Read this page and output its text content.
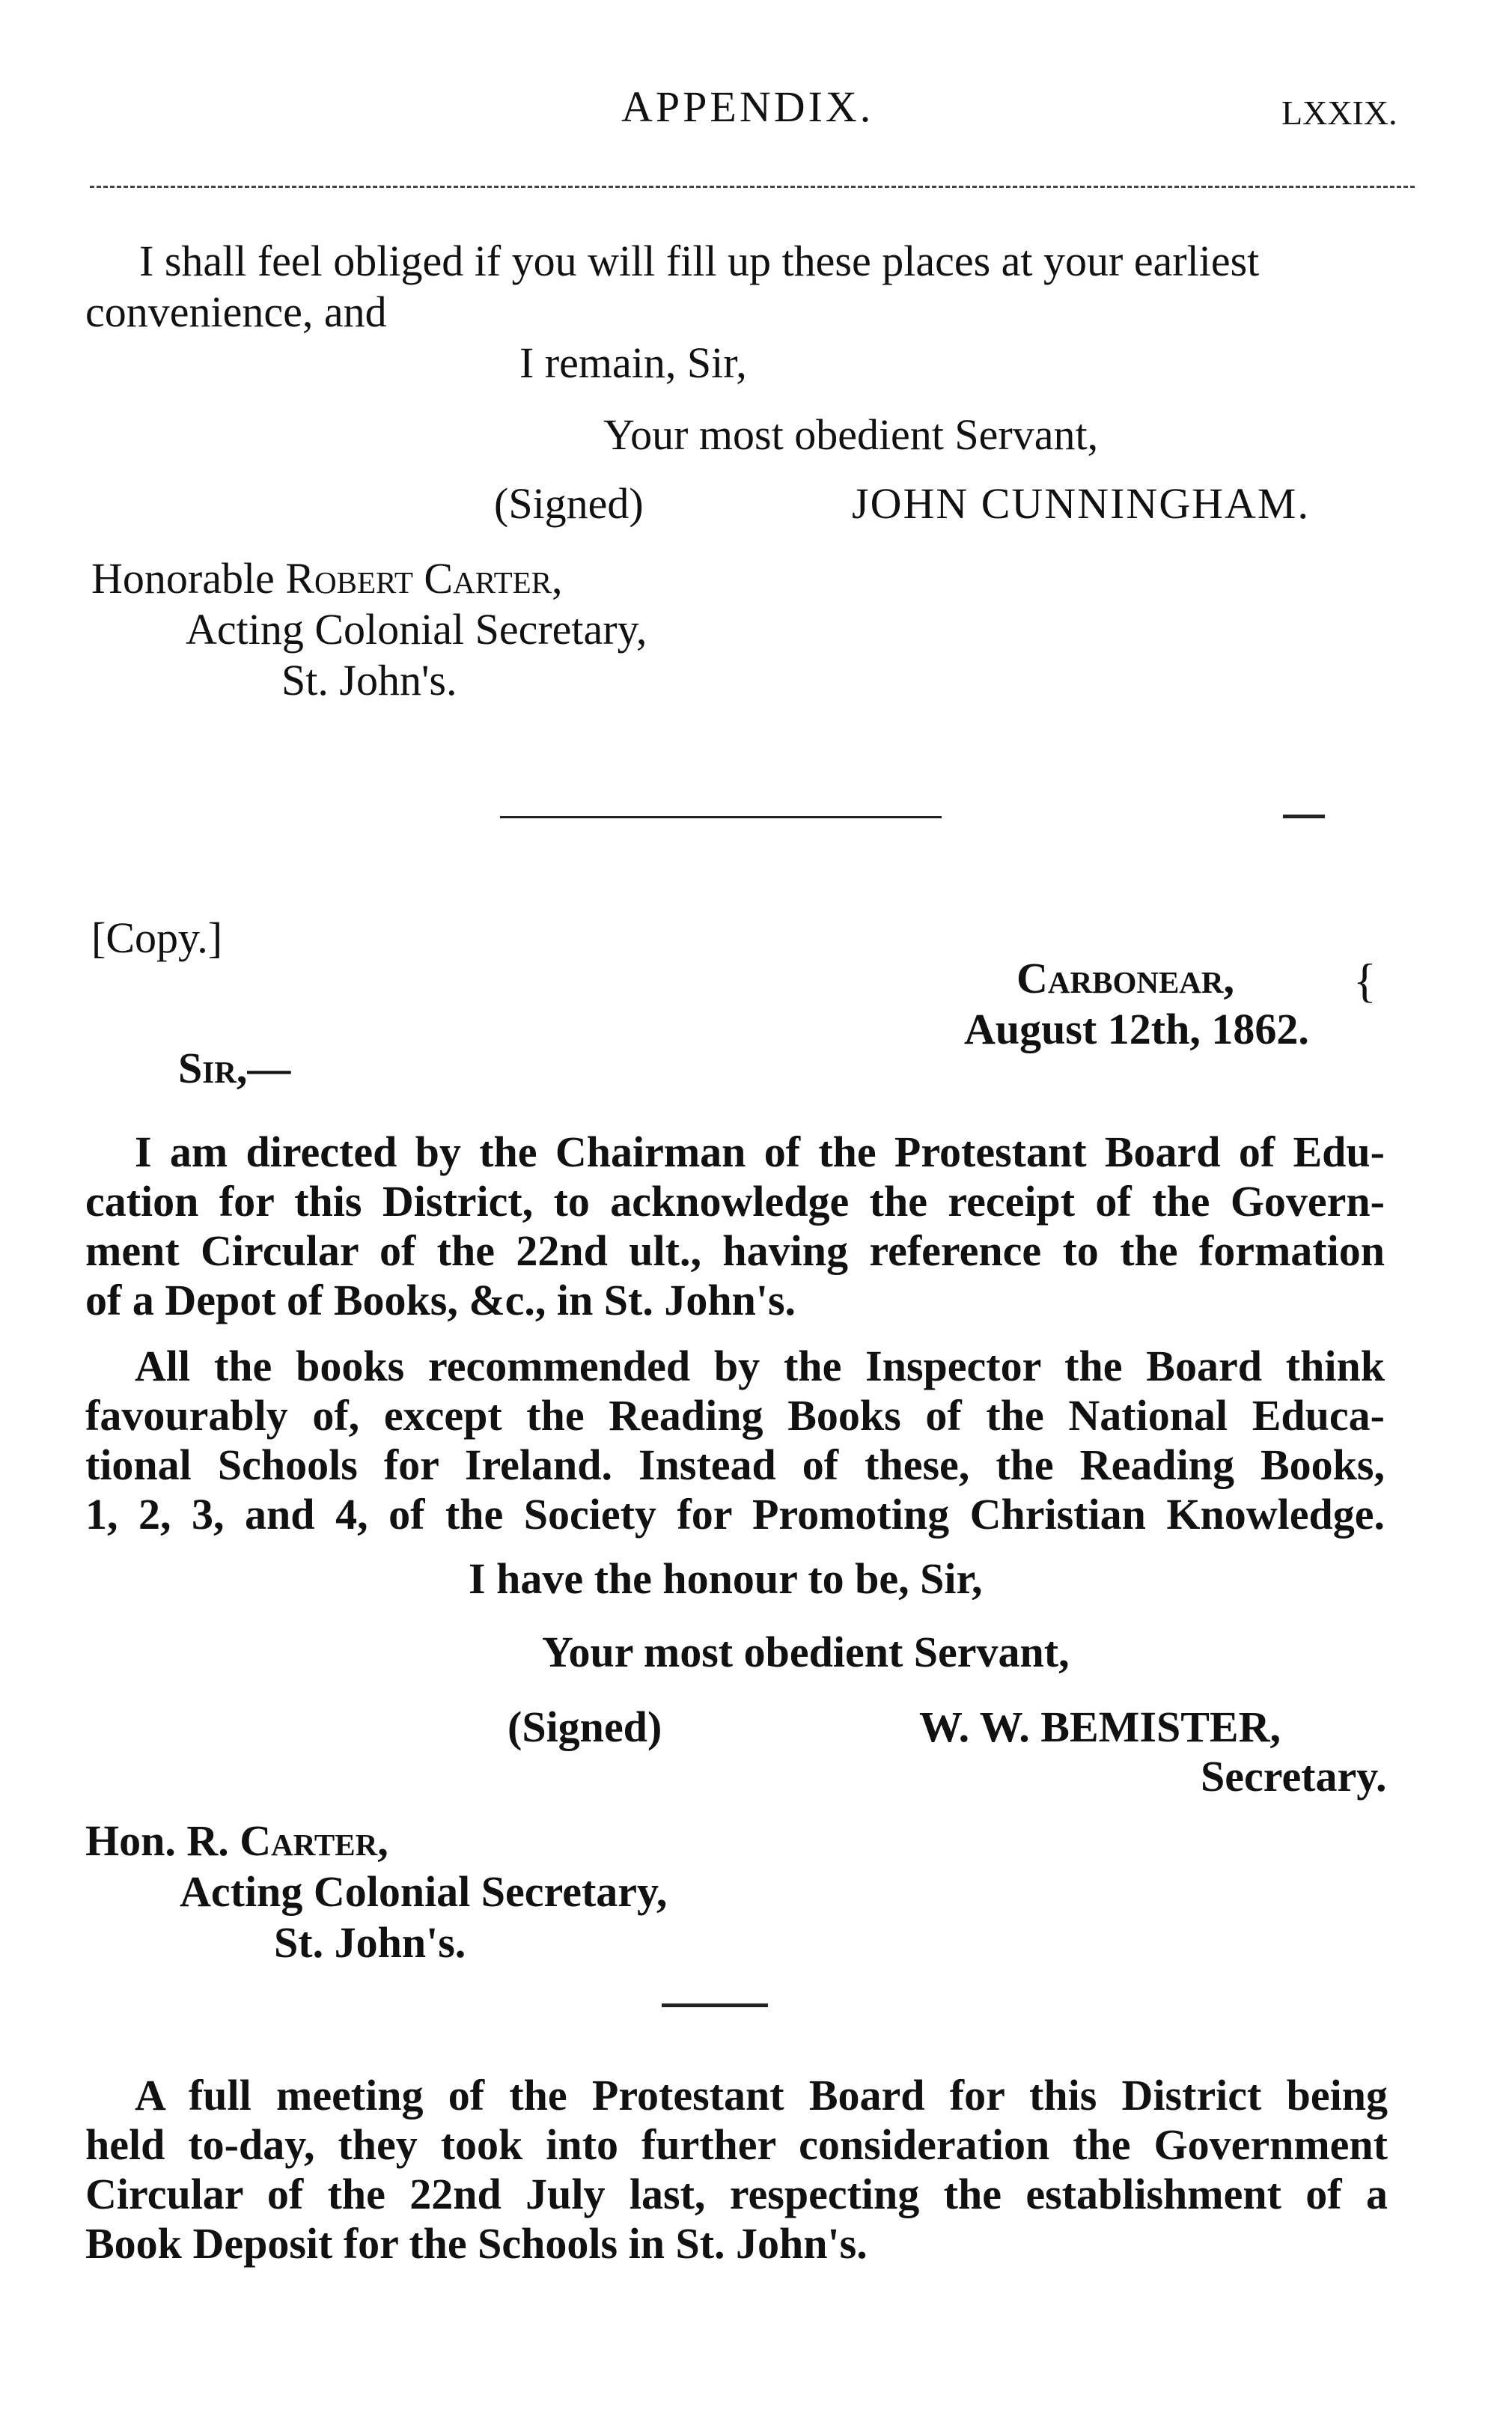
APPENDIX.	LXXIX.
I shall feel obliged if you will fill up these places at your earliest
convenience, and
I remain, Sir,
Your most obedient Servant,
(Signed)	JOHN CUNNINGHAM.
Honorable Robert Carter,
Acting Colonial Secretary,
St. John's.
[Copy.]
Carbonear, {
August 12th, 1862.
Sir,—
I am directed by the Chairman of the Protestant Board of Edu-
cation for this District, to acknowledge the receipt of the Govern-
ment Circular of the 22nd ult., having reference to the formation
of a Depot of Books, &c., in St. John's.
All the books recommended by the Inspector the Board think
favourably of, except the Reading Books of the National Educa-
tional Schools for Ireland. Instead of these, the Reading Books,
1, 2, 3, and 4, of the Society for Promoting Christian Knowledge.
I have the honour to be, Sir,
Your most obedient Servant,
(Signed)	W. W. BEMISTER,
Secretary.
Hon. R. Carter,
Acting Colonial Secretary,
St. John's.
A full meeting of the Protestant Board for this District being
held to-day, they took into further consideration the Government
Circular of the 22nd July last, respecting the establishment of a
Book Deposit for the Schools in St. John's.
